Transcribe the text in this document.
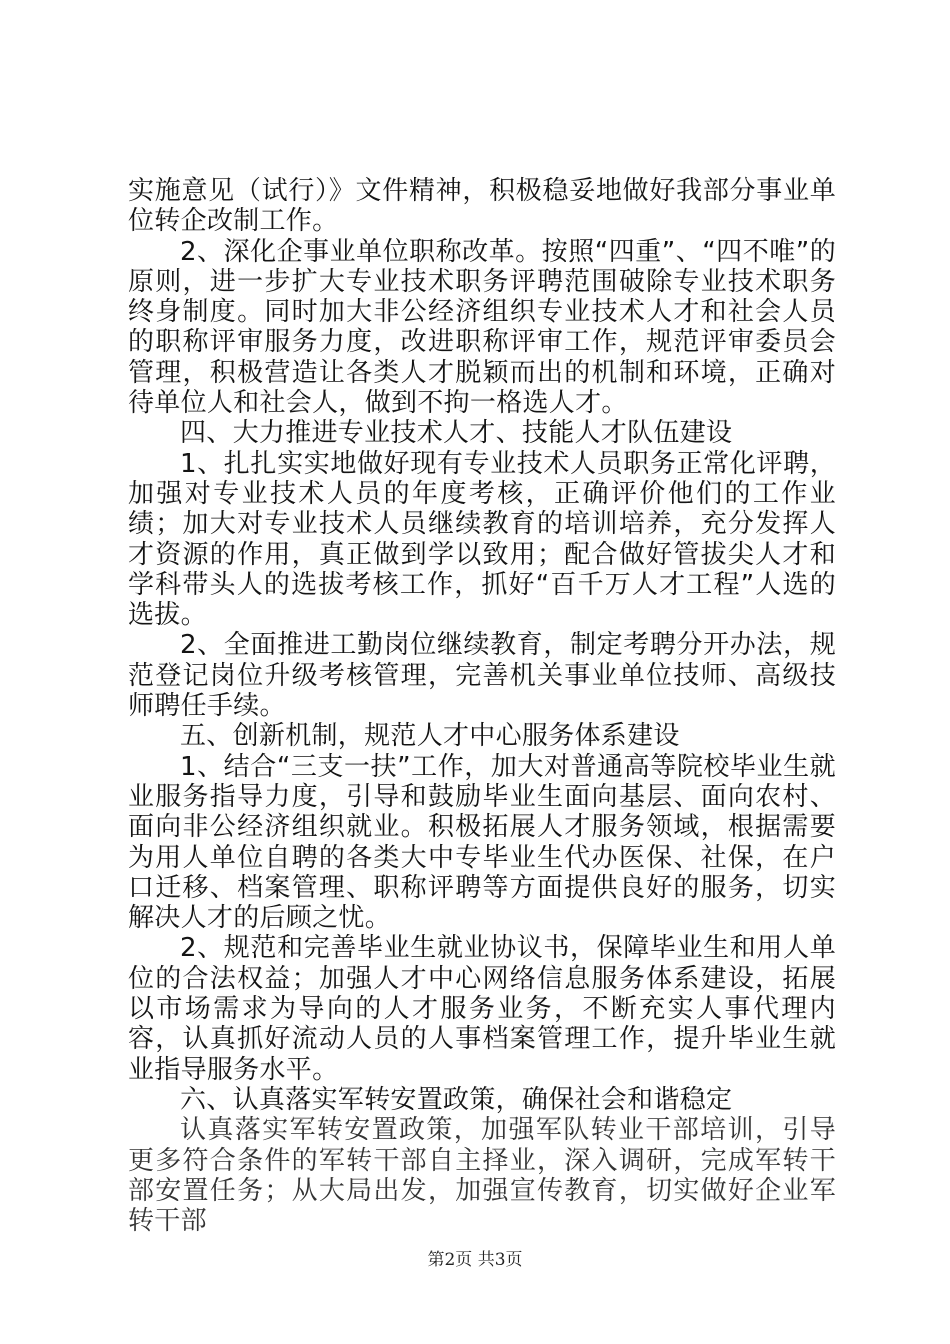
实施意见（试行）》文件精神，积极稳妥地做好我部分事业单位转企改制工作。

2、深化企事业单位职称改革。按照“四重”、“四不唯”的原则，进一步扩大专业技术职务评聘范围破除专业技术职务终身制度。同时加大非公经济组织专业技术人才和社会人员的职称评审服务力度，改进职称评审工作，规范评审委员会管理，积极营造让各类人才脱颖而出的机制和环境，正确对待单位人和社会人，做到不拘一格选人才。

四、大力推进专业技术人才、技能人才队伍建设

1、扎扎实实地做好现有专业技术人员职务正常化评聘，加强对专业技术人员的年度考核，正确评价他们的工作业绩；加大对专业技术人员继续教育的培训培养，充分发挥人才资源的作用，真正做到学以致用；配合做好管拔尖人才和学科带头人的选拔考核工作，抓好“百千万人才工程”人选的选拔。

2、全面推进工勤岗位继续教育，制定考聘分开办法，规范登记岗位升级考核管理，完善机关事业单位技师、高级技师聘任手续。

五、创新机制，规范人才中心服务体系建设

1、结合“三支一扶”工作，加大对普通高等院校毕业生就业服务指导力度，引导和鼓励毕业生面向基层、面向农村、面向非公经济组织就业。积极拓展人才服务领域，根据需要为用人单位自聘的各类大中专毕业生代办医保、社保，在户口迁移、档案管理、职称评聘等方面提供良好的服务，切实解决人才的后顾之忧。

2、规范和完善毕业生就业协议书，保障毕业生和用人单位的合法权益；加强人才中心网络信息服务体系建设，拓展以市场需求为导向的人才服务业务，不断充实人事代理内容，认真抓好流动人员的人事档案管理工作，提升毕业生就业指导服务水平。

六、认真落实军转安置政策，确保社会和谐稳定

认真落实军转安置政策，加强军队转业干部培训，引导更多符合条件的军转干部自主择业，深入调研，完成军转干部安置任务；从大局出发，加强宣传教育，切实做好企业军转干部

第2页 共3页
